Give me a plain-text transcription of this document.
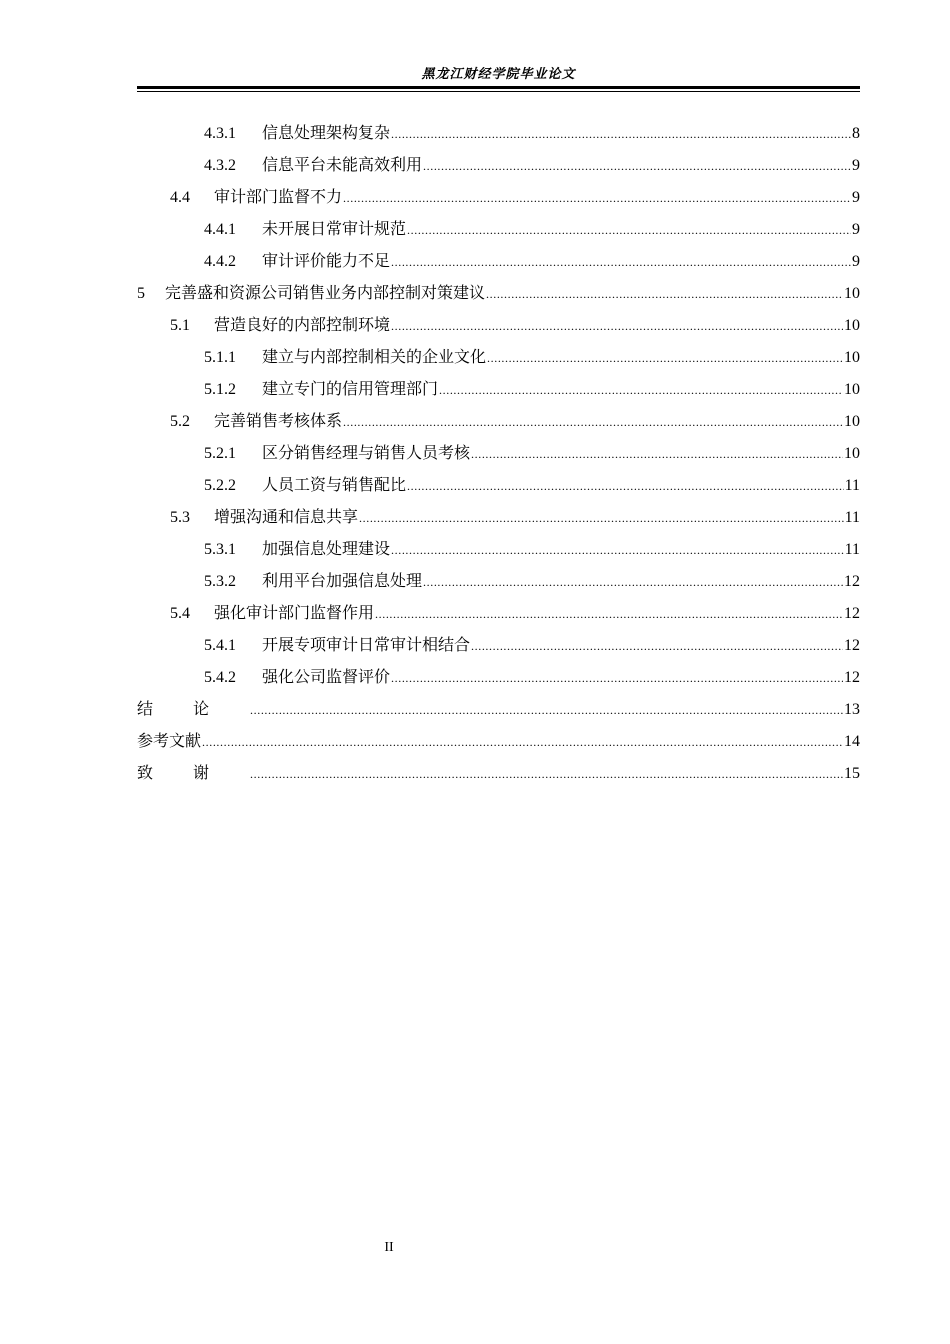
黑龙江财经学院毕业论文
4.3.1	信息处理架构复杂 .....	8
4.3.2	信息平台未能高效利用 .....	9
4.4	审计部门监督不力 .....	9
4.4.1	未开展日常审计规范 .....	9
4.4.2	审计评价能力不足 .....	9
5	完善盛和资源公司销售业务内部控制对策建议 .....	10
5.1	营造良好的内部控制环境 .....	10
5.1.1	建立与内部控制相关的企业文化 .....	10
5.1.2	建立专门的信用管理部门 .....	10
5.2	完善销售考核体系 .....	10
5.2.1	区分销售经理与销售人员考核 .....	10
5.2.2	人员工资与销售配比 .....	11
5.3	增强沟通和信息共享 .....	11
5.3.1	加强信息处理建设 .....	11
5.3.2	利用平台加强信息处理 .....	12
5.4	强化审计部门监督作用 .....	12
5.4.1	开展专项审计日常审计相结合 .....	12
5.4.2	强化公司监督评价 .....	12
结论 .....	13
参考文献 .....	14
致谢 .....	15
II
